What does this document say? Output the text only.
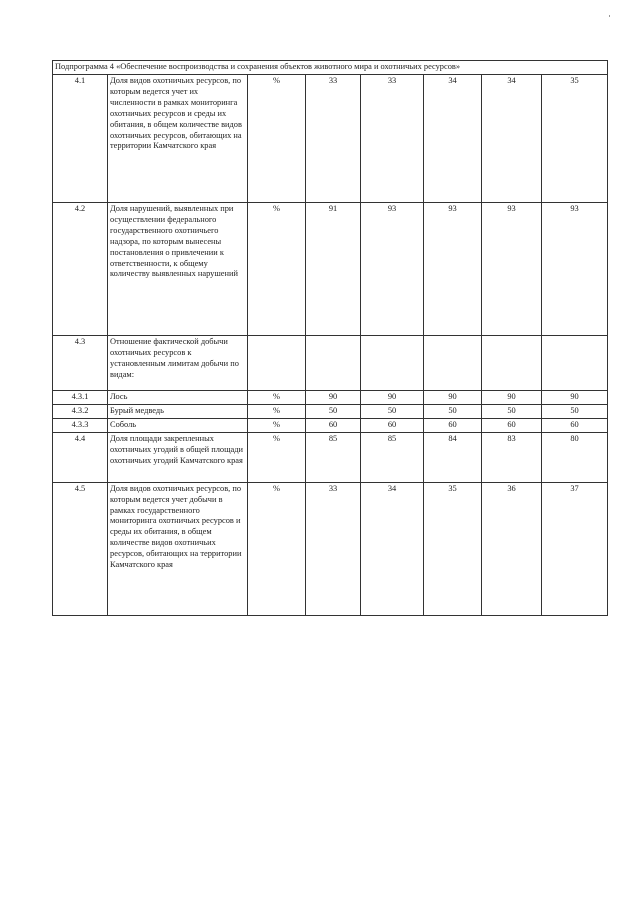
Подпрограмма 4 «Обеспечение воспроизводства и сохранения объектов животного мира и охотничьих ресурсов»							
4.1	Доля видов охотничьих ресурсов, по которым ведется учет их численности в рамках мониторинга охотничьих ресурсов и среды их обитания, в общем количестве видов охотничьих ресурсов, обитающих на территории Камчатского края	%	33	33	34	34	35
4.2	Доля нарушений, выявленных при осуществлении федерального государственного охотничьего надзора, по которым вынесены постановления о привлечении к ответственности, к общему количеству выявленных нарушений	%	91	93	93	93	93
4.3	Отношение фактической добычи охотничьих ресурсов к установленным лимитам добычи по видам:						
4.3.1	Лось	%	90	90	90	90	90
4.3.2	Бурый медведь	%	50	50	50	50	50
4.3.3	Соболь	%	60	60	60	60	60
4.4	Доля площади закрепленных охотничьих угодий в общей площади охотничьих угодий Камчатского края	%	85	85	84	83	80
4.5	Доля видов охотничьих ресурсов, по которым ведется учет добычи в рамках государственного мониторинга охотничьих ресурсов и среды их обитания, в общем количестве видов охотничьих ресурсов, обитающих на территории Камчатского края	%	33	34	35	36	37
